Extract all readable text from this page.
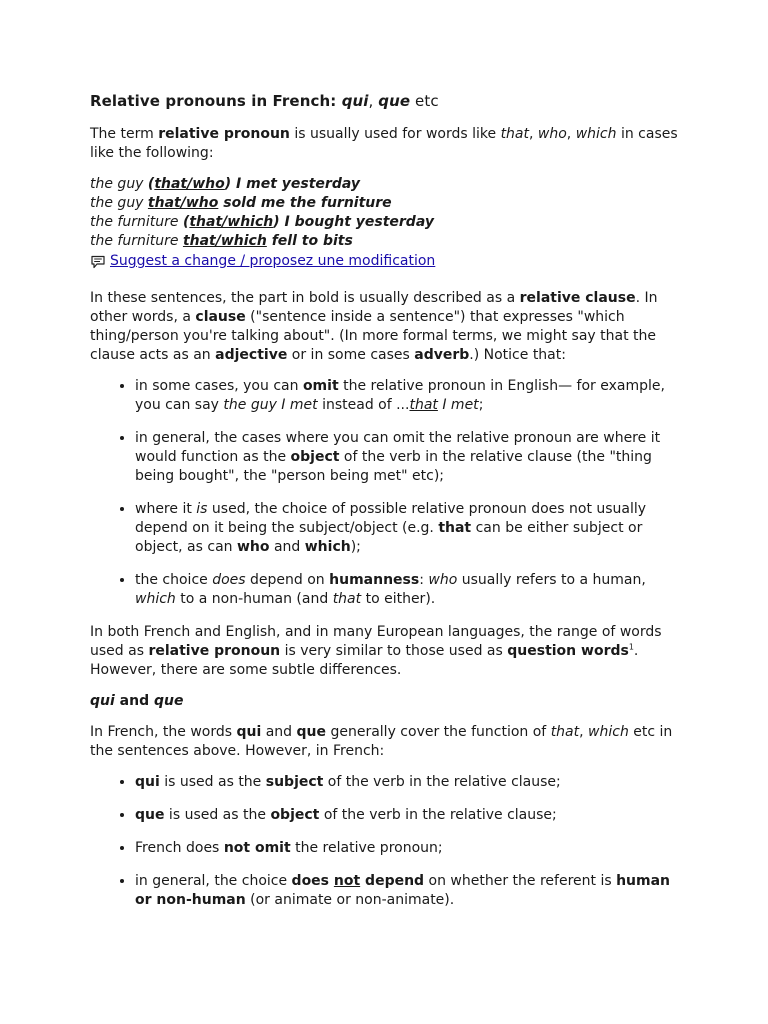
Relative pronouns in French: qui, que etc

The term relative pronoun is usually used for words like that, who, which in cases like the following:

the guy (that/who) I met yesterday
the guy that/who sold me the furniture
the furniture (that/which) I bought yesterday
the furniture that/which fell to bits
Suggest a change / proposez une modification

In these sentences, the part in bold is usually described as a relative clause. In other words, a clause ("sentence inside a sentence") that expresses "which thing/person you're talking about". (In more formal terms, we might say that the clause acts as an adjective or in some cases adverb.) Notice that:

• in some cases, you can omit the relative pronoun in English— for example, you can say the guy I met instead of ...that I met;
• in general, the cases where you can omit the relative pronoun are where it would function as the object of the verb in the relative clause (the "thing being bought", the "person being met" etc);
• where it is used, the choice of possible relative pronoun does not usually depend on it being the subject/object (e.g. that can be either subject or object, as can who and which);
• the choice does depend on humanness: who usually refers to a human, which to a non-human (and that to either).

In both French and English, and in many European languages, the range of words used as relative pronoun is very similar to those used as question words$^1$. However, there are some subtle differences.

qui and que

In French, the words qui and que generally cover the function of that, which etc in the sentences above. However, in French:

• qui is used as the subject of the verb in the relative clause;
• que is used as the object of the verb in the relative clause;
• French does not omit the relative pronoun;
• in general, the choice does not depend on whether the referent is human or non-human (or animate or non-animate).
